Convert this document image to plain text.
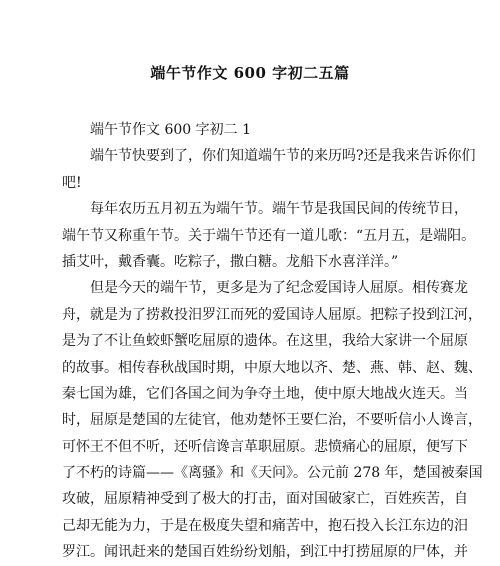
端午节作文 600 字初二五篇
端午节作文 600 字初二 1
端午节快要到了，你们知道端午节的来历吗?还是我来告诉你们
吧!
每年农历五月初五为端午节。端午节是我国民间的传统节日，
端午节又称重午节。关于端午节还有一道儿歌：“五月五，是端阳。
插艾叶，戴香囊。吃粽子，撒白糖。龙船下水喜洋洋。”
但是今天的端午节，更多是为了纪念爱国诗人屈原。相传赛龙
舟，就是为了捞救投汨罗江而死的爱国诗人屈原。把粽子投到江河，
是为了不让鱼蛟虾蟹吃屈原的遗体。在这里，我给大家讲一个屈原
的故事。相传春秋战国时期，中原大地以齐、楚、燕、韩、赵、魏、
秦七国为雄，它们各国之间为争夺土地，使中原大地战火连天。当
时，屈原是楚国的左徒官，他劝楚怀王要仁治，不要听信小人谗言，
可怀王不但不听，还听信谗言革职屈原。悲愤痛心的屈原，便写下
了不朽的诗篇——《离骚》和《天问》。公元前 278 年，楚国被秦国
攻破，屈原精神受到了极大的打击，面对国破家亡，百姓疾苦，自
己却无能为力，于是在极度失望和痛苦中，抱石投入长江东边的汨
罗江。闻讯赶来的楚国百姓纷纷划船，到江中打捞屈原的尸体，并
